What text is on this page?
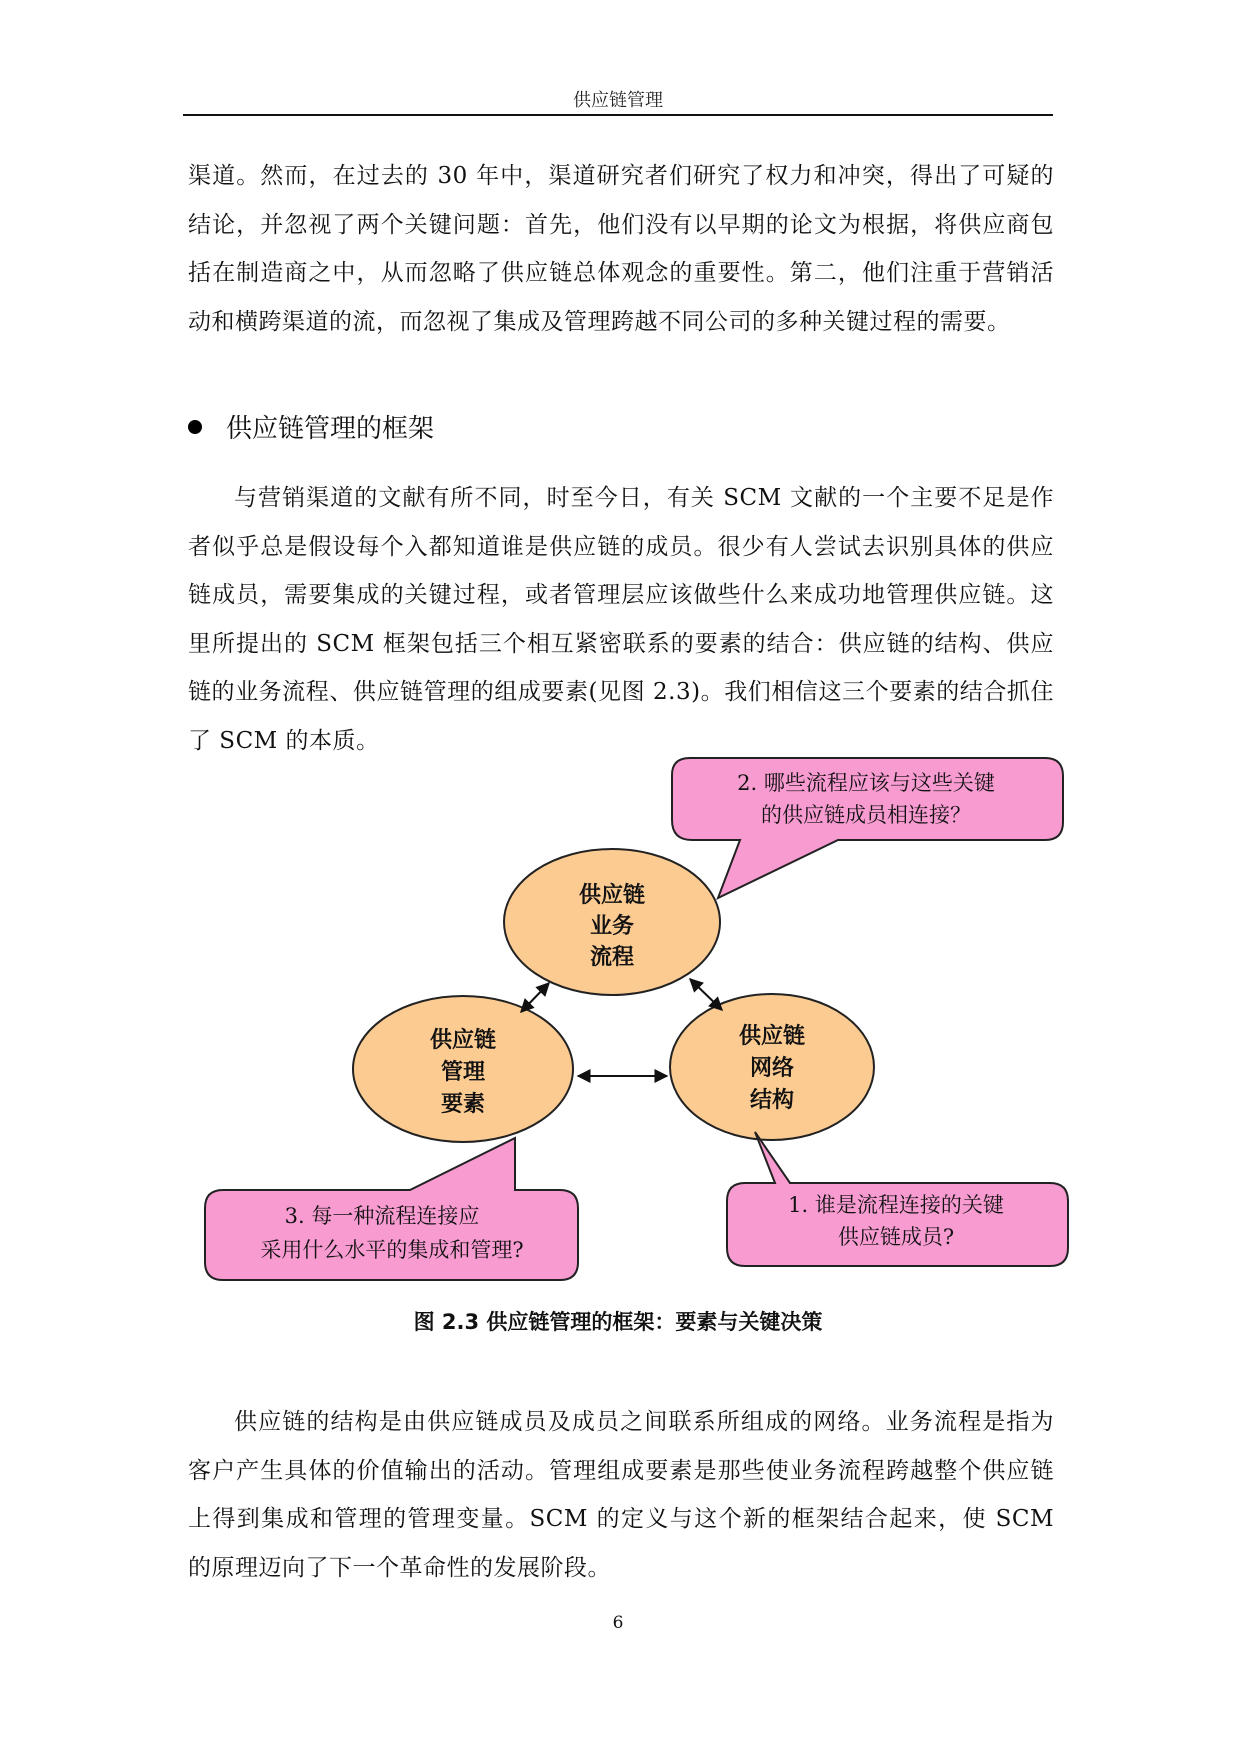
供应链管理

渠道。然而，在过去的 30 年中，渠道研究者们研究了权力和冲突，得出了可疑的结论，并忽视了两个关键问题：首先，他们没有以早期的论文为根据，将供应商包括在制造商之中，从而忽略了供应链总体观念的重要性。第二，他们注重于营销活动和横跨渠道的流，而忽视了集成及管理跨越不同公司的多种关键过程的需要。

供应链管理的框架

与营销渠道的文献有所不同，时至今日，有关 SCM 文献的一个主要不足是作者似乎总是假设每个入都知道谁是供应链的成员。很少有人尝试去识别具体的供应链成员，需要集成的关键过程，或者管理层应该做些什么来成功地管理供应链。这里所提出的 SCM 框架包括三个相互紧密联系的要素的结合：供应链的结构、供应链的业务流程、供应链管理的组成要素(见图 2.3)。我们相信这三个要素的结合抓住了 SCM 的本质。

2. 哪些流程应该与这些关键
的供应链成员相连接？
供应链
业务
流程
供应链
管理
要素
供应链
网络
结构
3. 每一种流程连接应
采用什么水平的集成和管理?
1. 谁是流程连接的关键
供应链成员?
图 2.3 供应链管理的框架：要素与关键决策

供应链的结构是由供应链成员及成员之间联系所组成的网络。业务流程是指为客户产生具体的价值输出的活动。管理组成要素是那些使业务流程跨越整个供应链上得到集成和管理的管理变量。SCM 的定义与这个新的框架结合起来，使 SCM 的原理迈向了下一个革命性的发展阶段。

6
